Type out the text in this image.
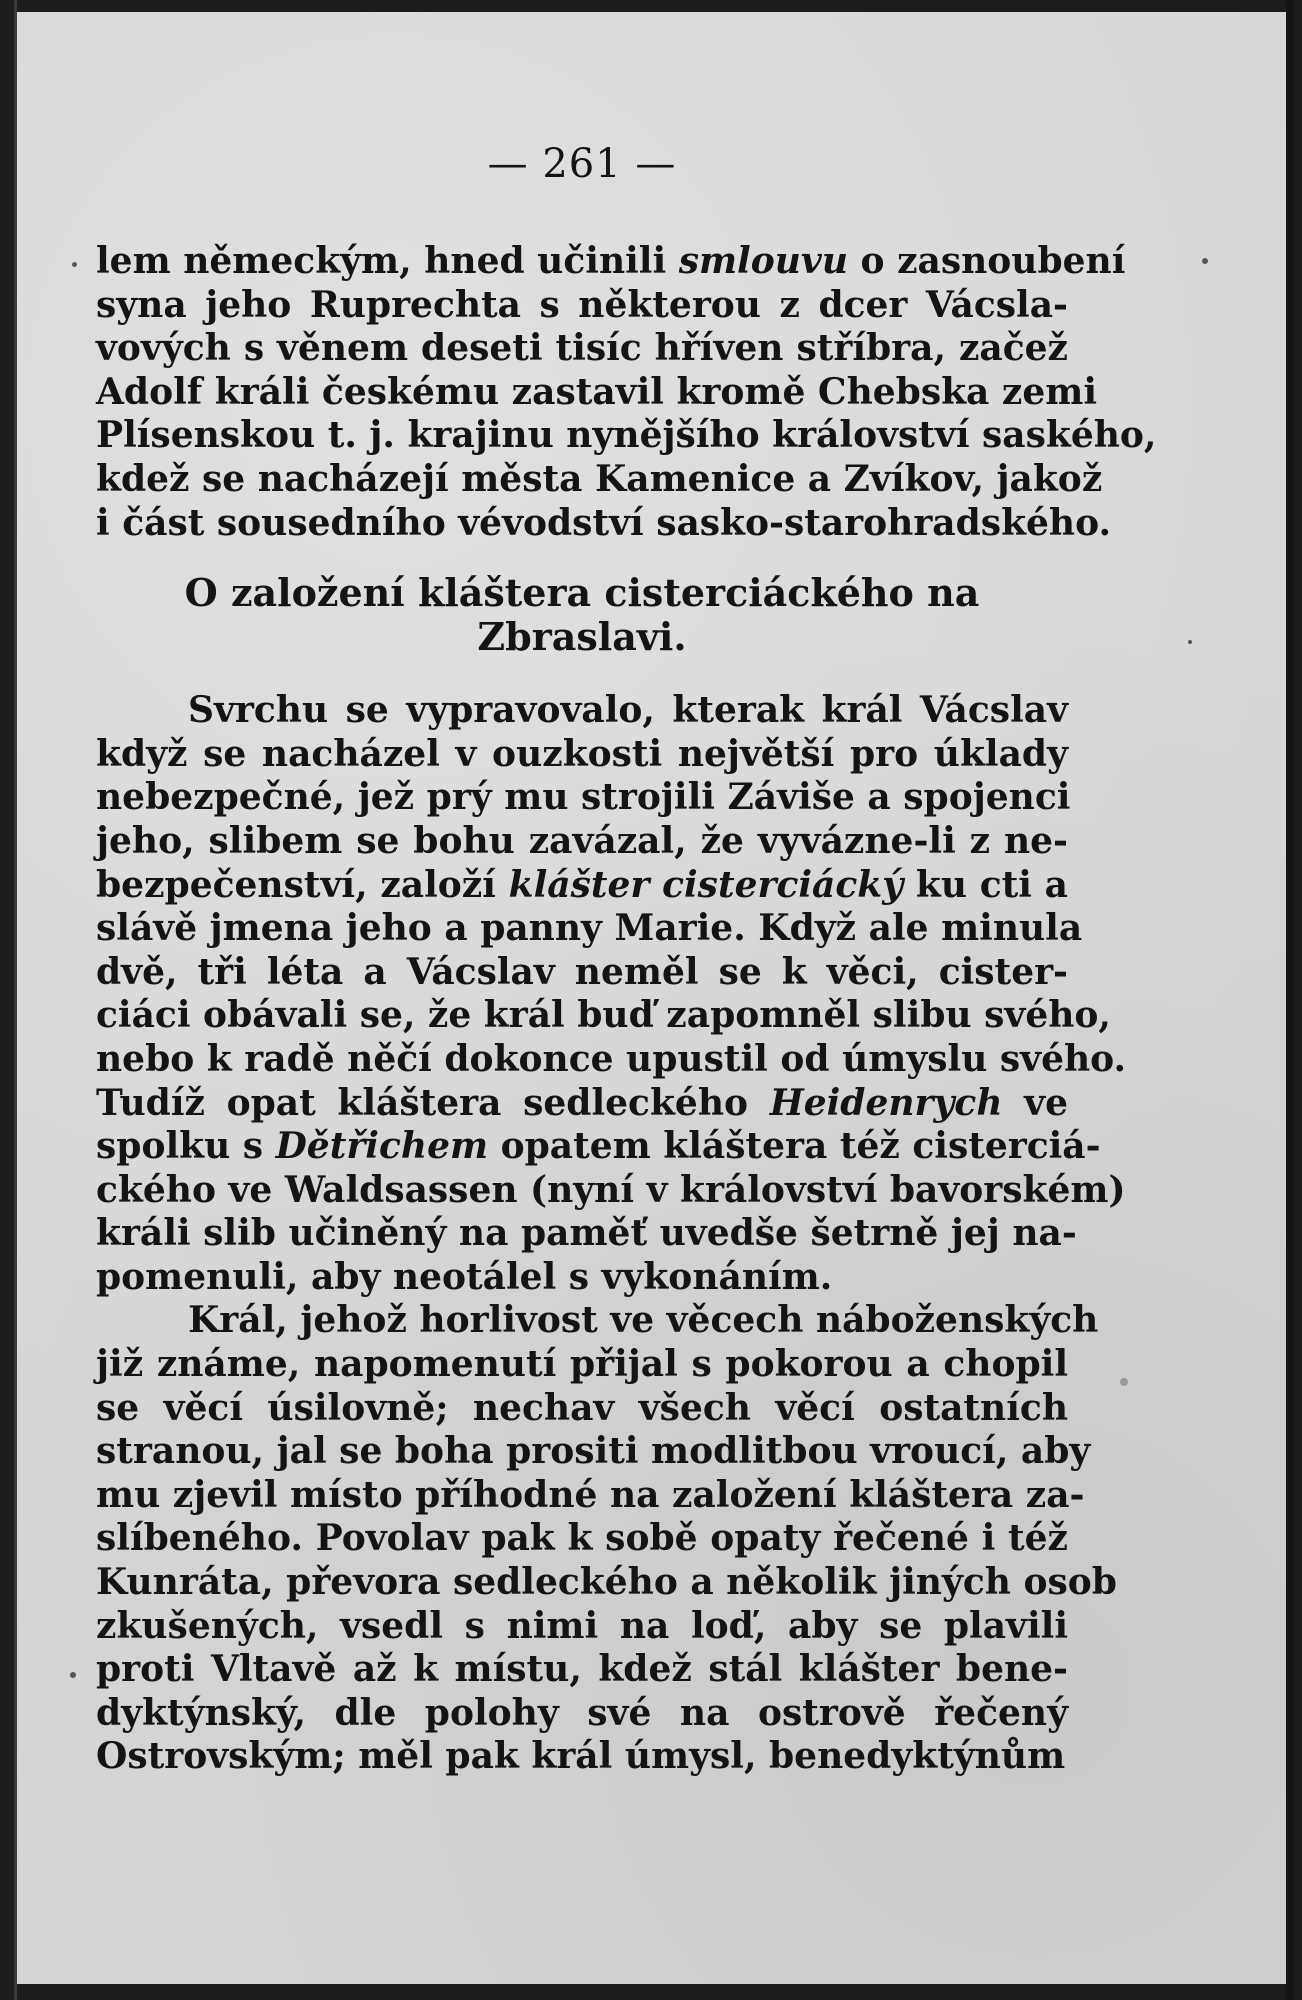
— 261 —
lem německým, hned učinili smlouvu o zasnoubení
syna jeho Ruprechta s některou z dcer Vácsla-
vových s věnem deseti tisíc hříven stříbra, začež
Adolf králi českému zastavil kromě Chebska zemi
Plísenskou t. j. krajinu nynějšího království saského,
kdež se nacházejí města Kamenice a Zvíkov, jakož
i část sousedního vévodství sasko-starohradského.
O založení kláštera cisterciáckého na
Zbraslavi.
Svrchu se vypravovalo, kterak král Vácslav
když se nacházel v ouzkosti největší pro úklady
nebezpečné, jež prý mu strojili Záviše a spojenci
jeho, slibem se bohu zavázal, že vyvázne-li z ne-
bezpečenství, založí klášter cisterciácký ku cti a
slávě jmena jeho a panny Marie. Když ale minula
dvě, tři léta a Vácslav neměl se k věci, cister-
ciáci obávali se, že král buď zapomněl slibu svého,
nebo k radě něčí dokonce upustil od úmyslu svého.
Tudíž opat kláštera sedleckého Heidenrych ve
spolku s Dětřichem opatem kláštera též cisterciá-
ckého ve Waldsassen (nyní v království bavorském)
králi slib učiněný na paměť uvedše šetrně jej na-
pomenuli, aby neotálel s vykonáním.
Král, jehož horlivost ve věcech náboženských
již známe, napomenutí přijal s pokorou a chopil
se věcí úsilovně; nechav všech věcí ostatních
stranou, jal se boha prositi modlitbou vroucí, aby
mu zjevil místo příhodné na založení kláštera za-
slíbeného. Povolav pak k sobě opaty řečené i též
Kunráta, převora sedleckého a několik jiných osob
zkušených, vsedl s nimi na loď, aby se plavili
proti Vltavě až k místu, kdež stál klášter bene-
dyktýnský, dle polohy své na ostrově řečený
Ostrovským; měl pak král úmysl, benedyktýnům
